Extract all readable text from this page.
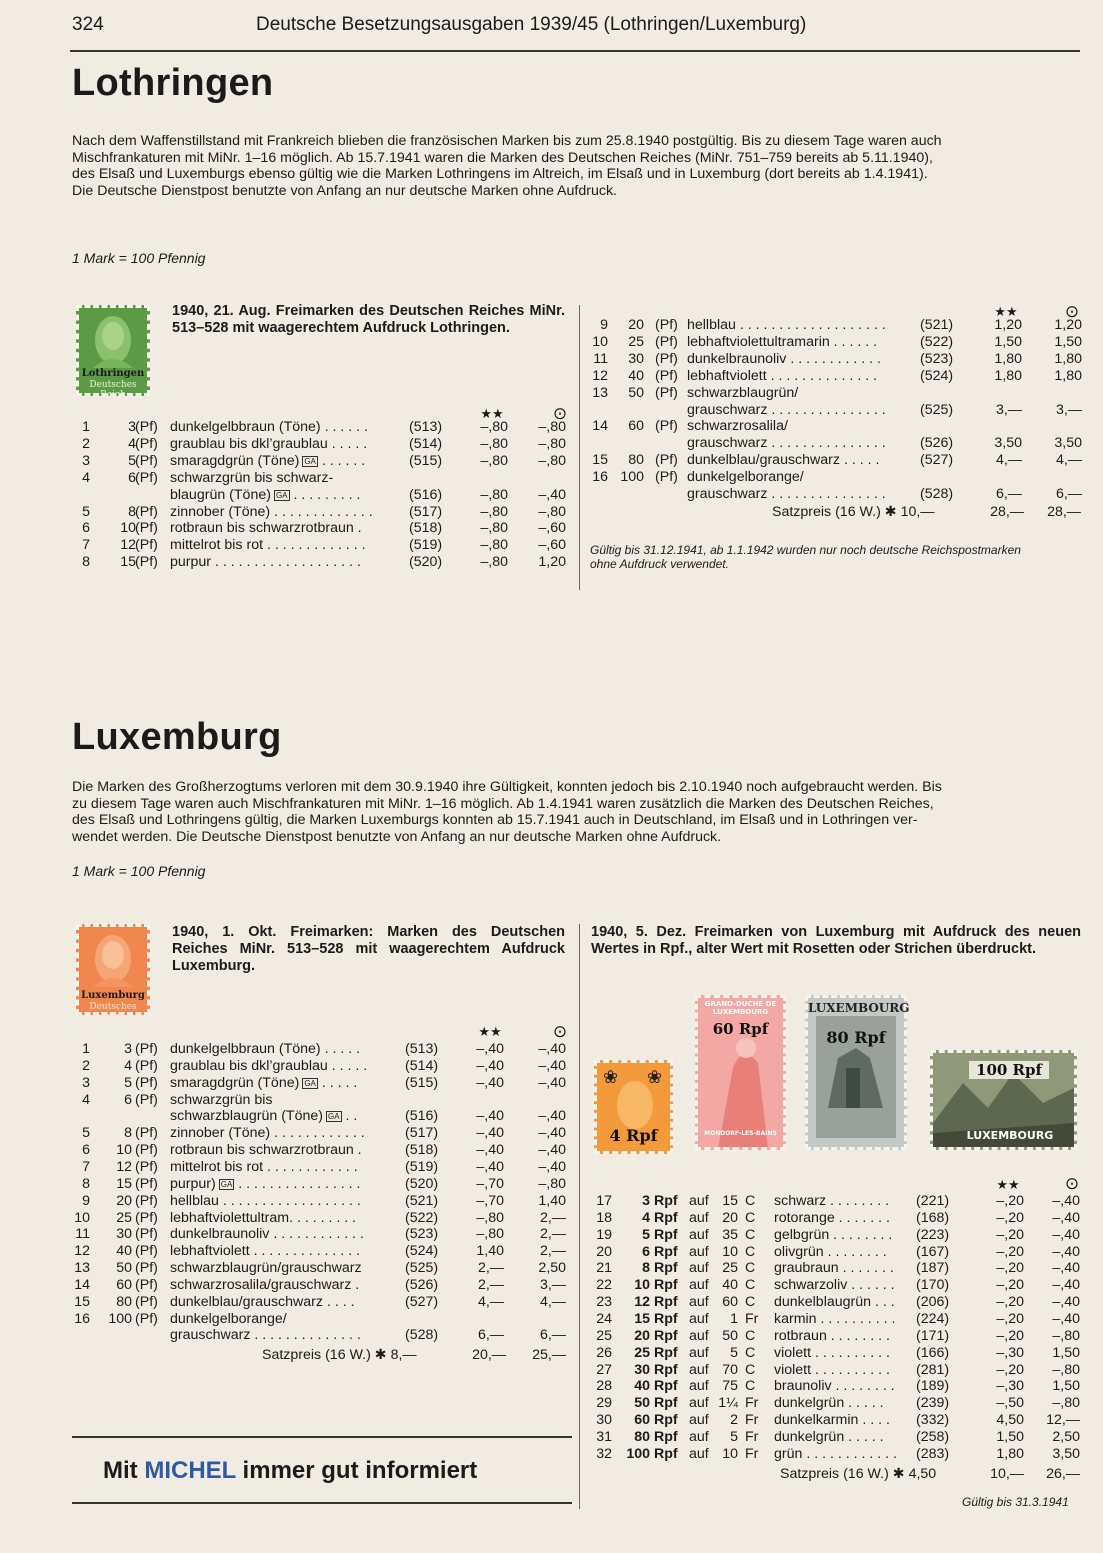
324	Deutsche Besetzungsausgaben 1939/45 (Lothringen/Luxemburg)
Lothringen
Nach dem Waffenstillstand mit Frankreich blieben die französischen Marken bis zum 25.8.1940 postgültig. Bis zu diesem Tage waren auch
Mischfrankaturen mit MiNr. 1–16 möglich. Ab 15.7.1941 waren die Marken des Deutschen Reiches (MiNr. 751–759 bereits ab 5.11.1940),
des Elsaß und Luxemburgs ebenso gültig wie die Marken Lothringens im Altreich, im Elsaß und in Luxemburg (dort bereits ab 1.4.1941).
Die Deutsche Dienstpost benutzte von Anfang an nur deutsche Marken ohne Aufdruck.
1 Mark = 100 Pfennig
Lothringen
Deutsches Reich
1940, 21. Aug. Freimarken des Deutschen Reiches MiNr. 513–528 mit waagerechtem Aufdruck Lothringen.
★★	⊙
1	3 (Pf) dunkelgelbbraun (Töne) . . . . . .	(513)	–,80	–,80
2	4 (Pf) graublau bis dkl’graublau . . . . .	(514)	–,80	–,80
3	5 (Pf) smaragdgrün (Töne) GA . . . . . .	(515)	–,80	–,80
4	6 (Pf) schwarzgrün bis schwarz-
blaugrün (Töne) GA . . . . . . . . .	(516)	–,80	–,40
5	8 (Pf) zinnober (Töne) . . . . . . . . . . . . .	(517)	–,80	–,80
6	10 (Pf) rotbraun bis schwarzrotbraun .	(518)	–,80	–,60
7	12 (Pf) mittelrot bis rot . . . . . . . . . . . . .	(519)	–,80	–,60
8	15 (Pf) purpur . . . . . . . . . . . . . . . . . . .	(520)	–,80	1,20
9	20 (Pf) hellblau . . . . . . . . . . . . . . . . . . . (521)	1,20	1,20
10	25 (Pf) lebhaftviolettultramarin . . . . . .	(522)	1,50	1,50
11	30 (Pf) dunkelbraunoliv . . . . . . . . . . . .	(523)	1,80	1,80
12	40 (Pf) lebhaftviolett . . . . . . . . . . . . . .	(524)	1,80	1,80
13	50 (Pf) schwarzblaugrün/
grauschwarz . . . . . . . . . . . . . . . (525)	3,—	3,—
14	60 (Pf) schwarzrosalila/
grauschwarz . . . . . . . . . . . . . . . (526)	3,50	3,50
15	80 (Pf) dunkelblau/grauschwarz . . . . .	(527)	4,—	4,—
16 100 (Pf) dunkelgelborange/
grauschwarz . . . . . . . . . . . . . . . (528)	6,—	6,—
★★	⊙
Satzpreis (16 W.) ✱ 10,—	28,—	28,—
Gültig bis 31.12.1941, ab 1.1.1942 wurden nur noch deutsche Reichspostmarken
ohne Aufdruck verwendet.
Luxemburg
Die Marken des Großherzogtums verloren mit dem 30.9.1940 ihre Gültigkeit, konnten jedoch bis 2.10.1940 noch aufgebraucht werden. Bis
zu diesem Tage waren auch Mischfrankaturen mit MiNr. 1–16 möglich. Ab 1.4.1941 waren zusätzlich die Marken des Deutschen Reiches,
des Elsaß und Lothringens gültig, die Marken Luxemburgs konnten ab 15.7.1941 auch in Deutschland, im Elsaß und in Lothringen ver-
wendet werden. Die Deutsche Dienstpost benutzte von Anfang an nur deutsche Marken ohne Aufdruck.
1 Mark = 100 Pfennig
Luxemburg
Deutsches Reich
1940, 1. Okt. Freimarken: Marken des Deutschen Reiches MiNr. 513–528 mit waagerechtem Aufdruck Luxemburg.
★★	⊙
1	3 (Pf) dunkelgelbbraun (Töne) . . . . .	(513)	–,40	–,40
2	4 (Pf) graublau bis dkl’graublau . . . . .	(514)	–,40	–,40
3	5 (Pf) smaragdgrün (Töne) GA . . . . .	(515)	–,40	–,40
4	6 (Pf) schwarzgrün bis
schwarzblaugrün (Töne) GA . .	(516)	–,40	–,40
5	8 (Pf) zinnober (Töne) . . . . . . . . . . . .	(517)	–,40	–,40
6	10 (Pf) rotbraun bis schwarzrotbraun .	(518)	–,40	–,40
7	12 (Pf) mittelrot bis rot . . . . . . . . . . . .	(519)	–,40	–,40
8	15 (Pf) purpur) GA . . . . . . . . . . . . . . . .	(520)	–,70	–,80
9	20 (Pf) hellblau . . . . . . . . . . . . . . . . . .	(521)	–,70	1,40
10	25 (Pf) lebhaftviolettultram. . . . . . . . .	(522)	–,80	2,—
11	30 (Pf) dunkelbraunoliv . . . . . . . . . . . .	(523)	–,80	2,—
12	40 (Pf) lebhaftviolett . . . . . . . . . . . . . .	(524)	1,40	2,—
13	50 (Pf) schwarzblaugrün/grauschwarz	(525)	2,—	2,50
14	60 (Pf) schwarzrosalila/grauschwarz .	(526)	2,—	3,—
15	80 (Pf) dunkelblau/grauschwarz . . . .	(527)	4,—	4,—
16 100 (Pf) dunkelgelborange/
grauschwarz . . . . . . . . . . . . . .	(528)	6,—	6,—
Satzpreis (16 W.) ✱ 8,—	20,—	25,—
Mit MICHEL immer gut informiert
1940, 5. Dez. Freimarken von Luxemburg mit Aufdruck des neuen Wertes in Rpf., alter Wert mit Rosetten oder Strichen überdruckt.
❀ ❀
4 Rpf
GRAND-DUCHÉ DE LUXEMBOURG
60 Rpf
MONDORF-LES-BAINS
LUXEMBOURG
80 Rpf
100 Rpf
LUXEMBOURG
★★	⊙
17	3 Rpf auf 15 C schwarz . . . . . . . . (221)	–,20	–,40
18	4 Rpf auf 20 C rotorange . . . . . . . (168)	–,20	–,40
19	5 Rpf auf 35 C gelbgrün . . . . . . . . (223)	–,20	–,40
20	6 Rpf auf 10 C olivgrün . . . . . . . . (167)	–,20	–,40
21	8 Rpf auf 25 C graubraun . . . . . . . (187)	–,20	–,40
22	10 Rpf auf 40 C schwarzoliv . . . . . . (170)	–,20	–,40
23	12 Rpf auf 60 C dunkelblaugrün . . . (206)	–,20	–,40
24	15 Rpf auf	1 Fr karmin . . . . . . . . . . (224)	–,20	–,40
25	20 Rpf auf 50 C rotbraun . . . . . . . . (171)	–,20	–,80
26	25 Rpf auf	5 C violett . . . . . . . . . . (166)	–,30	1,50
27	30 Rpf auf 70 C violett . . . . . . . . . . (281)	–,20	–,80
28	40 Rpf auf 75 C braunoliv . . . . . . . . (189)	–,30	1,50
29	50 Rpf auf 1¼ Fr dunkelgrün . . . . . (239)	–,50	–,80
30	60 Rpf auf	2 Fr dunkelkarmin . . . . (332)	4,50	12,—
31	80 Rpf auf	5 Fr dunkelgrün . . . . . (258)	1,50	2,50
32	100 Rpf auf 10 Fr grün . . . . . . . . . . . . (283)	1,80	3,50
Satzpreis (16 W.) ✱ 4,50	10,—	26,—
Gültig bis 31.3.1941
